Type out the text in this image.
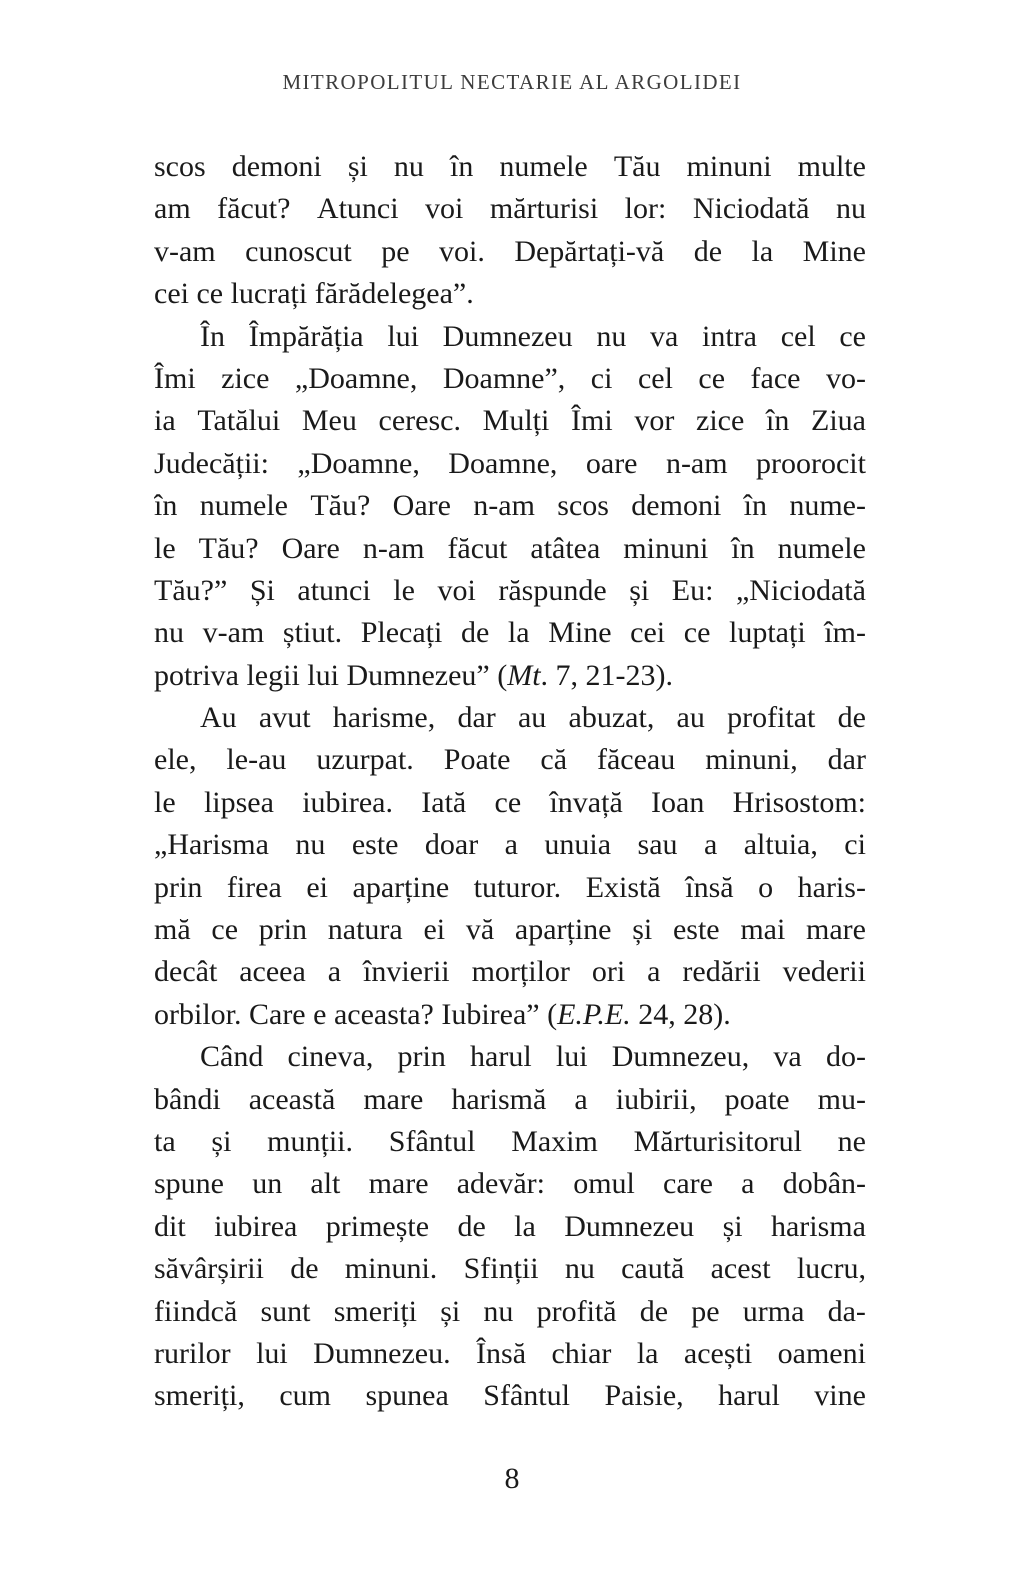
MITROPOLITUL NECTARIE AL ARGOLIDEI
scos demoni și nu în numele Tău minuni multe
am făcut? Atunci voi mărturisi lor: Niciodată nu
v-am cunoscut pe voi. Depărtați-vă de la Mine
cei ce lucrați fărădelegea”.
În Împărăția lui Dumnezeu nu va intra cel ce
Îmi zice „Doamne, Doamne”, ci cel ce face vo-
ia Tatălui Meu ceresc. Mulți Îmi vor zice în Ziua
Judecății: „Doamne, Doamne, oare n-am proorocit
în numele Tău? Oare n-am scos demoni în nume-
le Tău? Oare n-am făcut atâtea minuni în numele
Tău?” Și atunci le voi răspunde și Eu: „Niciodată
nu v-am știut. Plecați de la Mine cei ce luptați îm-
potriva legii lui Dumnezeu” (Mt. 7, 21-23).
Au avut harisme, dar au abuzat, au profitat de
ele, le-au uzurpat. Poate că făceau minuni, dar
le lipsea iubirea. Iată ce învață Ioan Hrisostom:
„Harisma nu este doar a unuia sau a altuia, ci
prin firea ei aparține tuturor. Există însă o haris-
mă ce prin natura ei vă aparține și este mai mare
decât aceea a învierii morților ori a redării vederii
orbilor. Care e aceasta? Iubirea” (E.P.E. 24, 28).
Când cineva, prin harul lui Dumnezeu, va do-
bândi această mare harismă a iubirii, poate mu-
ta și munții. Sfântul Maxim Mărturisitorul ne
spune un alt mare adevăr: omul care a dobân-
dit iubirea primește de la Dumnezeu și harisma
săvârșirii de minuni. Sfinții nu caută acest lucru,
fiindcă sunt smeriți și nu profită de pe urma da-
rurilor lui Dumnezeu. Însă chiar la acești oameni
smeriți, cum spunea Sfântul Paisie, harul vine
8
